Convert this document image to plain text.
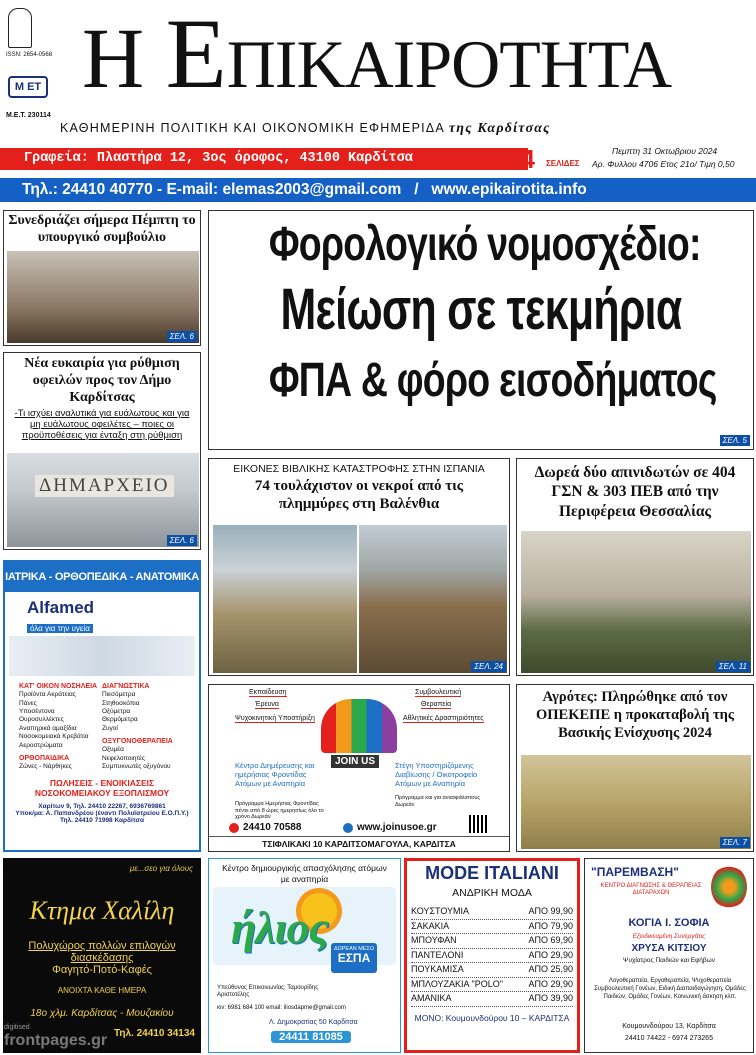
ISSN: 2654-0568
Μ ΕΤ
Μ.Ε.Τ. 230114
Η ΕΠΙΚΑΙΡΟΤΗΤΑ
ΚΑΘΗΜΕΡΙΝΗ ΠΟΛΙΤΙΚΗ ΚΑΙ ΟΙΚΟΝΟΜΙΚΗ ΕΦΗΜΕΡΙΔΑ της Καρδίτσας
Γραφεία: Πλαστήρα 12, 3ος όροφος, 43100 Καρδίτσα	24 ΣΕΛΙΔΕΣ
Πεμπτη 31 Οκτωβριου 2024
Αρ. Φυλλου 4706 Ετος 21ο/ Τιμη 0,50
Τηλ.: 24410 40770 - E-mail: elemas2003@gmail.com   /   www.epikairotita.info
Συνεδριάζει σήμερα Πέμπτη το υπουργικό συμβούλιο
ΣΕΛ. 6
Νέα ευκαιρία για ρύθμιση οφειλών προς τον Δήμο Καρδίτσας
-Τι ισχύει αναλυτικά για ευάλωτους και για μη ευάλωτους οφειλέτες – ποιες οι προϋποθέσεις για ένταξη στη ρύθμιση
ΔΗΜΑΡΧΕΙΟ
ΣΕΛ. 6
Φορολογικό νομοσχέδιο:
Μείωση σε τεκμήρια
ΦΠΑ & φόρο εισοδήματος
ΣΕΛ. 5
ΕΙΚΟΝΕΣ ΒΙΒΛΙΚΗΣ ΚΑΤΑΣΤΡΟΦΗΣ ΣΤΗΝ ΙΣΠΑΝΙΑ
74 τουλάχιστον οι νεκροί από τις πλημμύρες στη Βαλένθια
ΣΕΛ. 24
Δωρεά δύο απινιδωτών σε 404 ΓΣΝ & 303 ΠΕΒ από την Περιφέρεια Θεσσαλίας
ΣΕΛ. 11
Αγρότες: Πληρώθηκε από τον ΟΠΕΚΕΠΕ η προκαταβολή της Βασικής Ενίσχυσης 2024
ΣΕΛ. 7
ΙΑΤΡΙΚΑ - ΟΡΘΟΠΕΔΙΚΑ - ΑΝΑΤΟΜΙΚΑ
Alfamed
όλα για την υγεία
ΚΑΤ' ΟΙΚΟΝ ΝΟΣΗΛΕΙΑ
Προϊόντα Ακράτειας
Πάνες
Υποσέντονα
Ουροσυλλέκτες
Αναπηρικά αμαξίδια
Νοσοκομειακά Κρεβάτια
Αεροστρώματα
ΟΡΘΟΠΑΙΔΙΚΑ
Ζώνες - Νάρθηκες
ΔΙΑΓΝΩΣΤΙΚΑ
Πιεσόμετρα
Στηθοσκόπια
Οξύμετρα
Θερμόμετρα
Ζυγοί
ΟΞΥΓΟΝΟΘΕΡΑΠΕΙΑ
Οξυμέα
Νεφελοποιητές
Συμπυκνωτές οξυγόνου
ΠΩΛΗΣΕΙΣ - ΕΝΟΙΚΙΑΣΕΙΣ
ΝΟΣΟΚΟΜΕΙΑΚΟΥ ΕΞΟΠΛΙΣΜΟΥ
Χαρίτων 9, Τηλ. 24410 22267, 6936769861
Υποκ/μα: Α. Παπανδρέου (έναντι Πολυϊατρείου Ε.Ο.Π.Υ.)
Τηλ. 24410 71998 Καρδίτσα
Εκπαίδευση
Έρευνα
Ψυχοκινητική Υποστήριξη
Συμβουλευτική
Θεραπεία
Αθλητικές Δραστηριότητες
JOIN US
Κέντρο Διημέρευσης και ημερήσιας Φροντίδας Ατόμων με Αναπηρία
Πρόγραμμα Ημερήσιας Φροντίδας πέντε από 8 ώρες ημερησίως όλο το χρόνο Δωρεάν
Στέγη Υποστηριζόμενης Διαβίωσης / Οικοτροφείο Ατόμων με Αναπηρία
Πρόγραμμα και για ανασφάλιστους Δωρεάν
24410 70588	www.joinusoe.gr
ΤΣΙΦΛΙΚΑΚΙ 10 ΚΑΡΔΙΤΣΟΜΑΓΟΥΛΑ, ΚΑΡΔΙΤΣΑ
με...σεο για όλους
Κτημα Χαλίλη
Πολυχώρος πολλών επιλογών διασκέδασης
Φαγητό-Ποτό-Καφές
ΑΝΟΙΧΤΑ ΚΑΘΕ ΗΜΕΡΑ
18ο χλμ. Καρδίτσας - Μουζακίου
Τηλ. 24410 34134
Κέντρο δημιουργικής απασχόλησης ατόμων με αναπηρία
ήλιος	ΔΩΡΕΑΝ ΜΕΣΩ
ΕΣΠΑ
Υπεύθυνος Επικοινωνίας: Ταμουρίδης Αριστοτέλης
κιν: 6981 684 100 email: iliosdapme@gmail.com
Λ. Δημοκρατίας 50 Καρδίτσα
24411 81085
MODE ITALIANI
ΑΝΔΡΙΚΗ ΜΟΔΑ
ΚΟΥΣΤΟΥΜΙΑ	ΑΠΟ 99,90
ΣΑΚΑΚΙΑ	ΑΠΟ 79,90
ΜΠΟΥΦΑΝ	ΑΠΟ 69,90
ΠΑΝΤΕΛΟΝΙ	ΑΠΟ 29,90
ΠΟΥΚΑΜΙΣΑ	ΑΠΟ 25,90
ΜΠΛΟΥΖΑΚΙΑ "POLO"	ΑΠΟ 29,90
ΑΜΑΝΙΚΑ	ΑΠΟ 39,90
ΜΟΝΟ: Κουμουνδούρου 10 – ΚΑΡΔΙΤΣΑ
"ΠΑΡΕΜΒΑΣΗ"
ΚΕΝΤΡΟ ΔΙΑΓΝΩΣΗΣ & ΘΕΡΑΠΕΙΑΣ ΔΙΑΤΑΡΑΧΩΝ
ΚΟΓΙΑ Ι. ΣΟΦΙΑ
Εξειδικευμένη Συνεργάτις
ΧΡΥΣΑ ΚΙΤΣΙΟΥ
Ψυχίατρος Παιδιών και Εφήβων
Λογοθεραπεία, Εργοθεραπεία, Ψυχοθεραπεία Συμβουλευτική Γονέων, Ειδική Διαπαιδαγώγηση, Ομάδες Παιδιών, Ομάδες Γονέων, Κοινωνική άσκηση κλπ.
Κουμουνδούρου 13, Καρδίτσα
24410 74422 - 6974 273265
digitised
frontpages.gr
